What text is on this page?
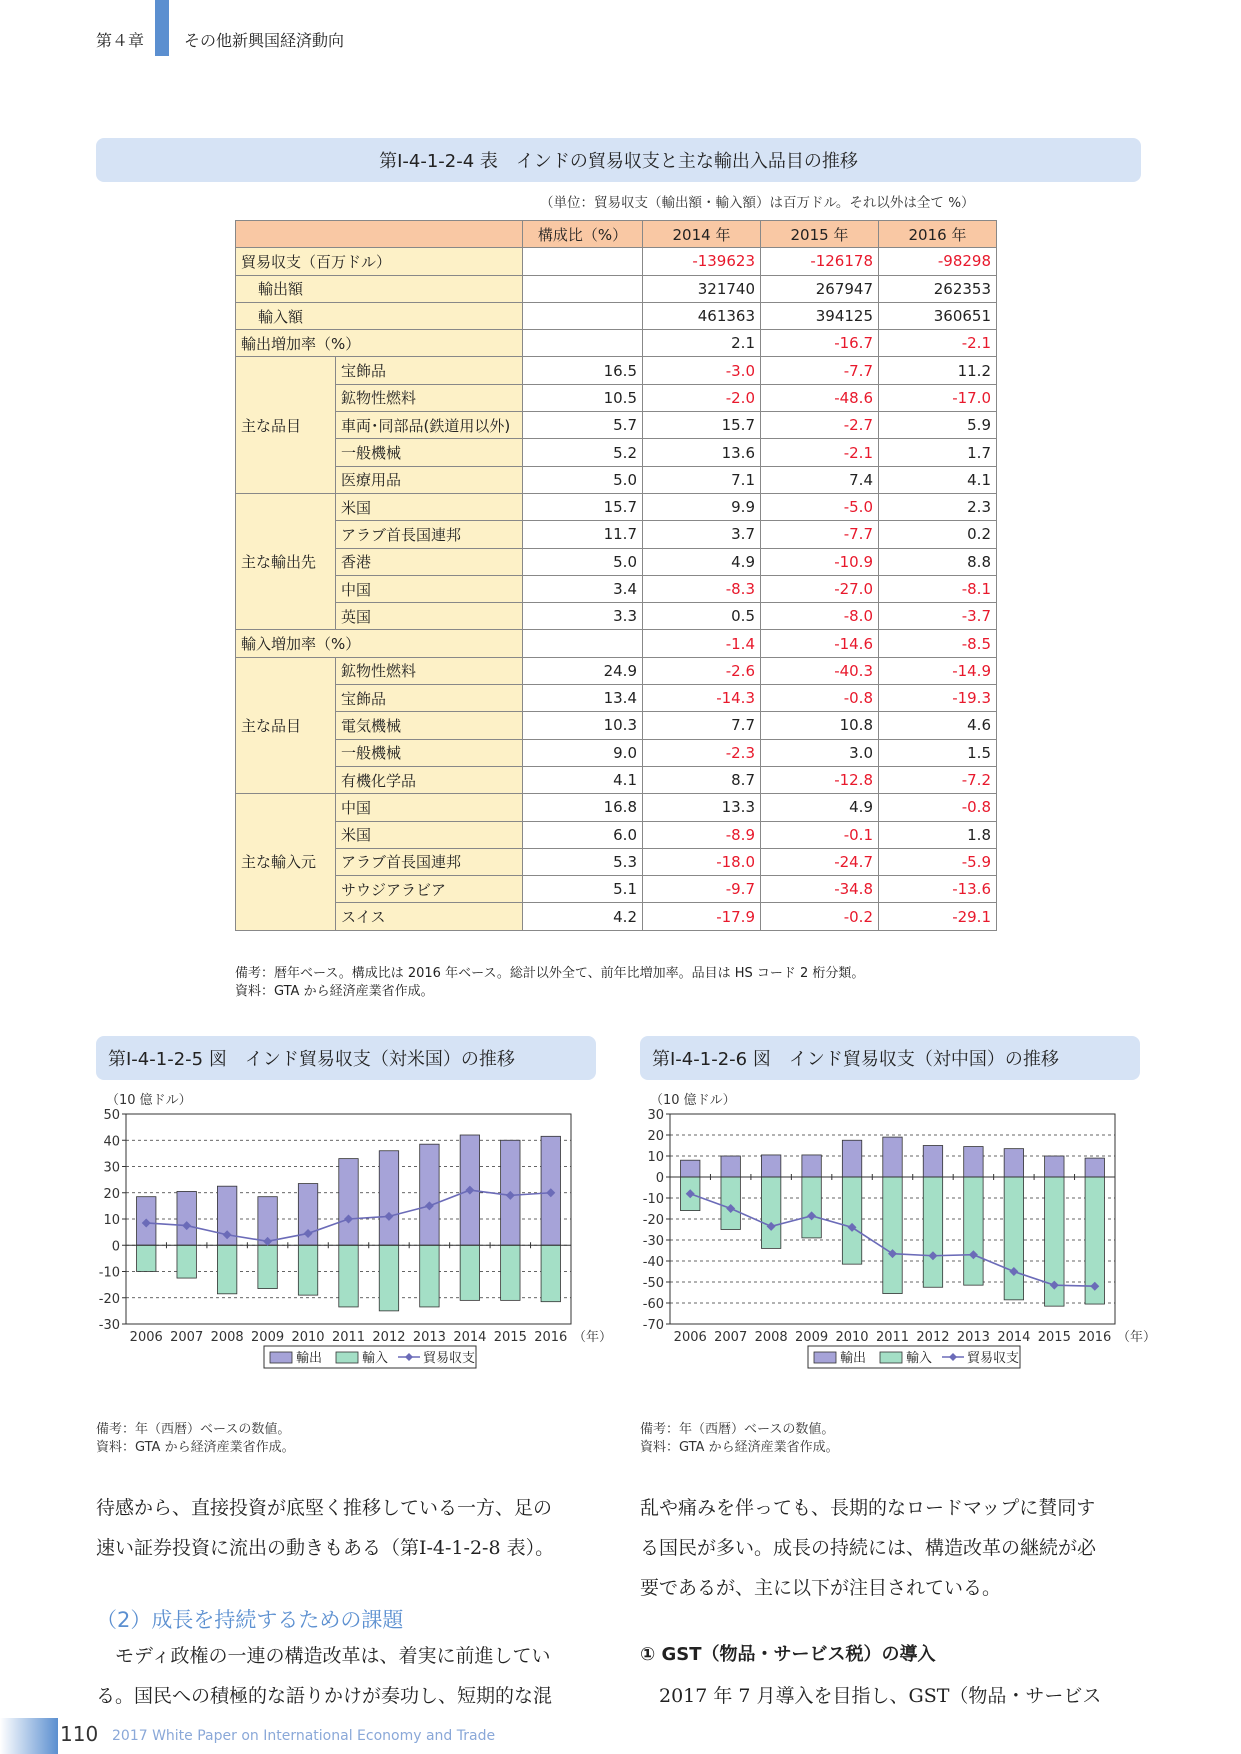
第４章 その他新興国経済動向
第Ⅰ-4-1-2-4 表　インドの貿易収支と主な輸出入品目の推移
（単位：貿易収支（輸出額・輸入額）は百万ドル。それ以外は全て %）
		構成比（%）	2014 年	2015 年	2016 年
貿易収支（百万ドル）			-139623	-126178	-98298
輸出額			321740	267947	262353
輸入額			461363	394125	360651
輸出増加率（%）			2.1	-16.7	-2.1
主な品目	宝飾品	16.5	-3.0	-7.7	11.2
	鉱物性燃料	10.5	-2.0	-48.6	-17.0
	車両･同部品(鉄道用以外)	5.7	15.7	-2.7	5.9
	一般機械	5.2	13.6	-2.1	1.7
	医療用品	5.0	7.1	7.4	4.1
主な輸出先	米国	15.7	9.9	-5.0	2.3
	アラブ首長国連邦	11.7	3.7	-7.7	0.2
	香港	5.0	4.9	-10.9	8.8
	中国	3.4	-8.3	-27.0	-8.1
	英国	3.3	0.5	-8.0	-3.7
輸入増加率（%）			-1.4	-14.6	-8.5
主な品目	鉱物性燃料	24.9	-2.6	-40.3	-14.9
	宝飾品	13.4	-14.3	-0.8	-19.3
	電気機械	10.3	7.7	10.8	4.6
	一般機械	9.0	-2.3	3.0	1.5
	有機化学品	4.1	8.7	-12.8	-7.2
主な輸入元	中国	16.8	13.3	4.9	-0.8
	米国	6.0	-8.9	-0.1	1.8
	アラブ首長国連邦	5.3	-18.0	-24.7	-5.9
	サウジアラビア	5.1	-9.7	-34.8	-13.6
	スイス	4.2	-17.9	-0.2	-29.1
備考：暦年ベース。構成比は 2016 年ベース。総計以外全て、前年比増加率。品目は HS コード 2 桁分類。
資料：GTA から経済産業省作成。
第Ⅰ-4-1-2-5 図　インド貿易収支（対米国）の推移	第Ⅰ-4-1-2-6 図　インド貿易収支（対中国）の推移
（10 億ドル）
-30
-20
-10
0
10
20
30
40
50
2006 2007 2008 2009 2010 2011 2012 2013 2014 2015 2016 （年）
輸出	輸入	貿易収支
（10 億ドル）
-70
-60
-50
-40
-30
-20
-10
0
10
20
30
2006 2007 2008 2009 2010 2011 2012 2013 2014 2015 2016 （年）
輸出	輸入	貿易収支
備考：年（西暦）ベースの数値。
資料：GTA から経済産業省作成。
備考：年（西暦）ベースの数値。
資料：GTA から経済産業省作成。
待感から、直接投資が底堅く推移している一方、足の
速い証券投資に流出の動きもある（第Ⅰ-4-1-2-8 表）。
（2）成長を持続するための課題
　モディ政権の一連の構造改革は、着実に前進してい
る。国民への積極的な語りかけが奏功し、短期的な混
乱や痛みを伴っても、長期的なロードマップに賛同す
る国民が多い。成長の持続には、構造改革の継続が必
要であるが、主に以下が注目されている。
① GST（物品・サービス税）の導入
　2017 年 7 月導入を目指し、GST（物品・サービス
110 2017 White Paper on International Economy and Trade
